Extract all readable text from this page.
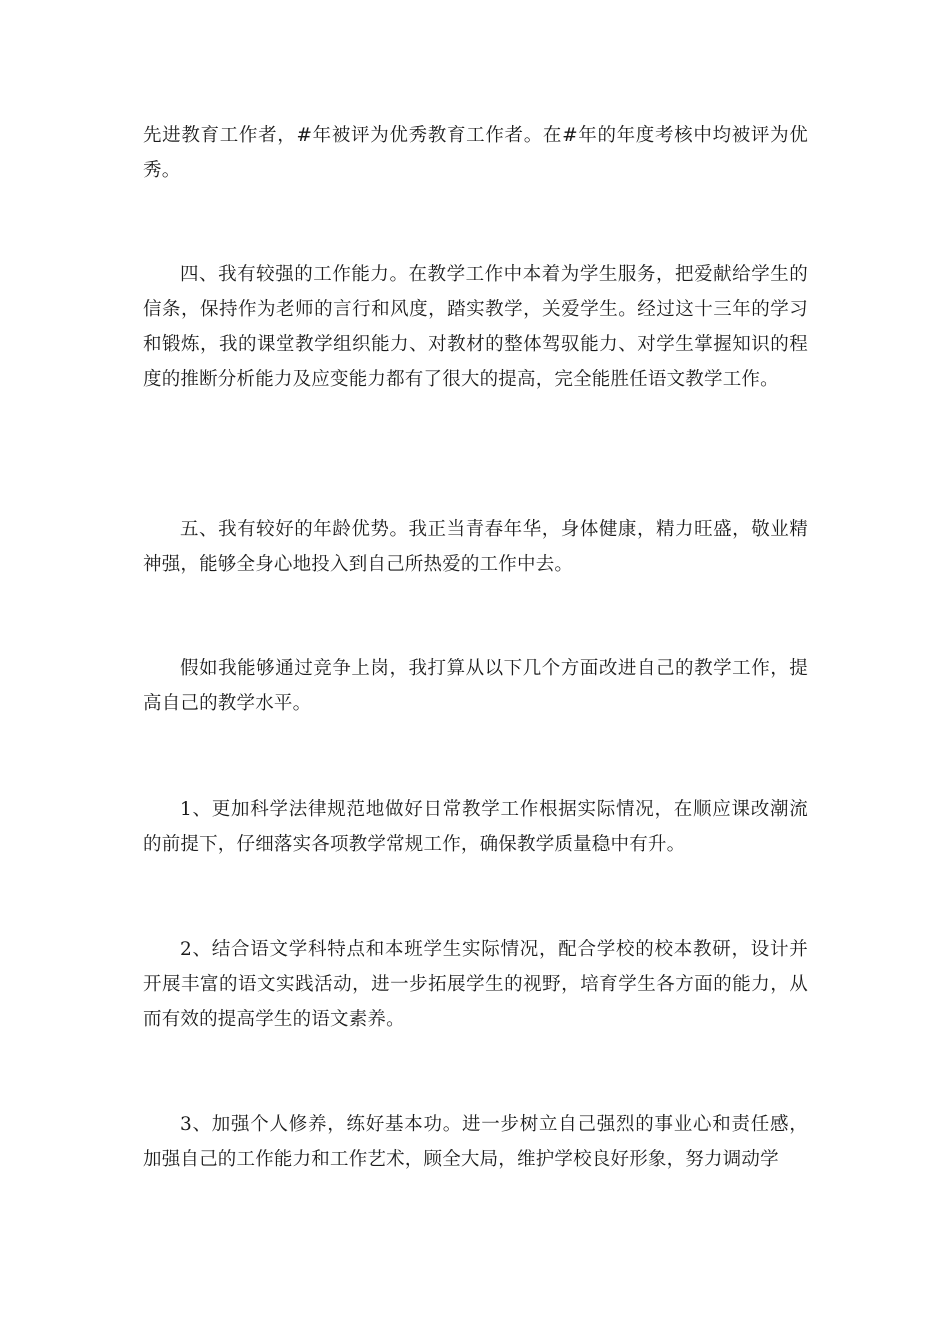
先进教育工作者，#年被评为优秀教育工作者。在#年的年度考核中均被评为优秀。

四、我有较强的工作能力。在教学工作中本着为学生服务，把爱献给学生的信条，保持作为老师的言行和风度，踏实教学，关爱学生。经过这十三年的学习和锻炼，我的课堂教学组织能力、对教材的整体驾驭能力、对学生掌握知识的程度的推断分析能力及应变能力都有了很大的提高，完全能胜任语文教学工作。

五、我有较好的年龄优势。我正当青春年华，身体健康，精力旺盛，敬业精神强，能够全身心地投入到自己所热爱的工作中去。

假如我能够通过竞争上岗，我打算从以下几个方面改进自己的教学工作，提高自己的教学水平。

1、更加科学法律规范地做好日常教学工作根据实际情况，在顺应课改潮流的前提下，仔细落实各项教学常规工作，确保教学质量稳中有升。

2、结合语文学科特点和本班学生实际情况，配合学校的校本教研，设计并开展丰富的语文实践活动，进一步拓展学生的视野，培育学生各方面的能力，从而有效的提高学生的语文素养。

3、加强个人修养，练好基本功。进一步树立自己强烈的事业心和责任感，加强自己的工作能力和工作艺术，顾全大局，维护学校良好形象，努力调动学
